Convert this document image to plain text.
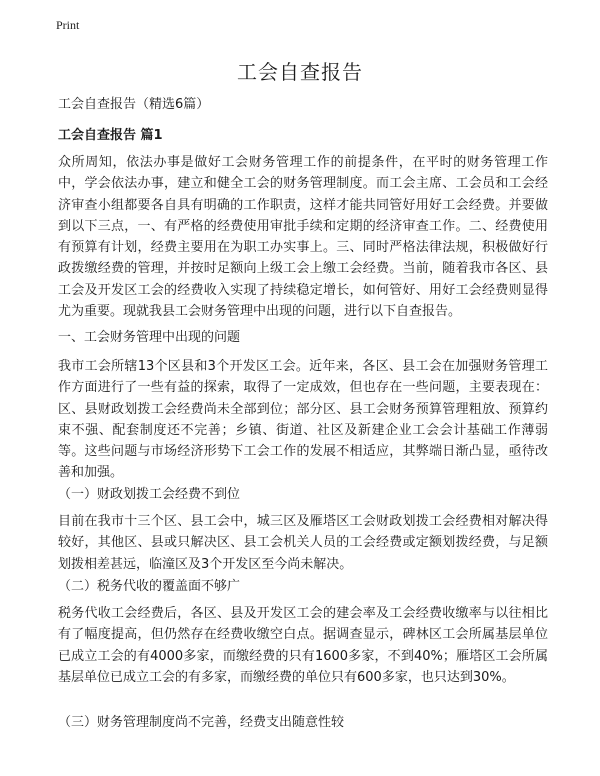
Print
工会自查报告
工会自查报告（精选6篇）
工会自查报告 篇1

众所周知，依法办事是做好工会财务管理工作的前提条件，在平时的财务管理工作中，学会依法办事，建立和健全工会的财务管理制度。而工会主席、工会员和工会经济审查小组都要各自具有明确的工作职责，这样才能共同管好用好工会经费。并要做到以下三点，一、有严格的经费使用审批手续和定期的经济审查工作。二、经费使用有预算有计划，经费主要用在为职工办实事上。三、同时严格法律法规，积极做好行政拨缴经费的管理，并按时足额向上级工会上缴工会经费。当前，随着我市各区、县工会及开发区工会的经费收入实现了持续稳定增长，如何管好、用好工会经费则显得尤为重要。现就我县工会财务管理中出现的问题，进行以下自查报告。

一、工会财务管理中出现的问题

我市工会所辖13个区县和3个开发区工会。近年来，各区、县工会在加强财务管理工作方面进行了一些有益的探索，取得了一定成效，但也存在一些问题，主要表现在：区、县财政划拨工会经费尚未全部到位；部分区、县工会财务预算管理粗放、预算约束不强、配套制度还不完善；乡镇、街道、社区及新建企业工会会计基础工作薄弱等。这些问题与市场经济形势下工会工作的发展不相适应，其弊端日渐凸显，亟待改善和加强。

（一）财政划拨工会经费不到位

目前在我市十三个区、县工会中，城三区及雁塔区工会财政划拨工会经费相对解决得较好，其他区、县或只解决区、县工会机关人员的工会经费或定额划拨经费，与足额划拨相差甚远，临潼区及3个开发区至今尚未解决。

（二）税务代收的覆盖面不够广

税务代收工会经费后，各区、县及开发区工会的建会率及工会经费收缴率与以往相比有了幅度提高，但仍然存在经费收缴空白点。据调查显示，碑林区工会所属基层单位已成立工会的有4000多家，而缴经费的只有1600多家，不到40%；雁塔区工会所属基层单位已成立工会的有多家，而缴经费的单位只有600多家，也只达到30%。

（三）财务管理制度尚不完善，经费支出随意性较
